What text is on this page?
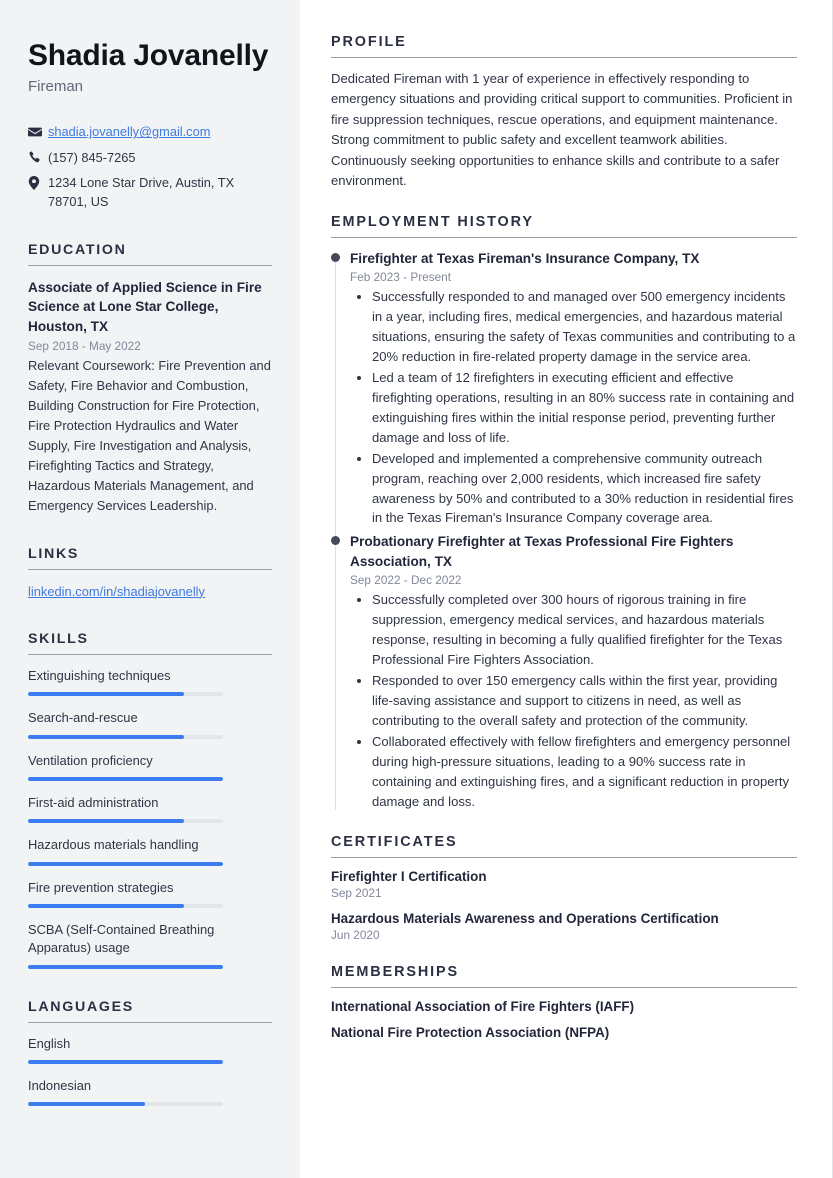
Shadia Jovanelly
Fireman
shadia.jovanelly@gmail.com
(157) 845-7265
1234 Lone Star Drive, Austin, TX 78701, US
EDUCATION
Associate of Applied Science in Fire Science at Lone Star College, Houston, TX
Sep 2018 - May 2022
Relevant Coursework: Fire Prevention and Safety, Fire Behavior and Combustion, Building Construction for Fire Protection, Fire Protection Hydraulics and Water Supply, Fire Investigation and Analysis, Firefighting Tactics and Strategy, Hazardous Materials Management, and Emergency Services Leadership.
LINKS
linkedin.com/in/shadiajovanelly
SKILLS
Extinguishing techniques
Search-and-rescue
Ventilation proficiency
First-aid administration
Hazardous materials handling
Fire prevention strategies
SCBA (Self-Contained Breathing Apparatus) usage
LANGUAGES
English
Indonesian
PROFILE
Dedicated Fireman with 1 year of experience in effectively responding to emergency situations and providing critical support to communities. Proficient in fire suppression techniques, rescue operations, and equipment maintenance. Strong commitment to public safety and excellent teamwork abilities. Continuously seeking opportunities to enhance skills and contribute to a safer environment.
EMPLOYMENT HISTORY
Firefighter at Texas Fireman's Insurance Company, TX
Feb 2023 - Present
• Successfully responded to and managed over 500 emergency incidents in a year, including fires, medical emergencies, and hazardous material situations, ensuring the safety of Texas communities and contributing to a 20% reduction in fire-related property damage in the service area.
• Led a team of 12 firefighters in executing efficient and effective firefighting operations, resulting in an 80% success rate in containing and extinguishing fires within the initial response period, preventing further damage and loss of life.
• Developed and implemented a comprehensive community outreach program, reaching over 2,000 residents, which increased fire safety awareness by 50% and contributed to a 30% reduction in residential fires in the Texas Fireman's Insurance Company coverage area.
Probationary Firefighter at Texas Professional Fire Fighters Association, TX
Sep 2022 - Dec 2022
• Successfully completed over 300 hours of rigorous training in fire suppression, emergency medical services, and hazardous materials response, resulting in becoming a fully qualified firefighter for the Texas Professional Fire Fighters Association.
• Responded to over 150 emergency calls within the first year, providing life-saving assistance and support to citizens in need, as well as contributing to the overall safety and protection of the community.
• Collaborated effectively with fellow firefighters and emergency personnel during high-pressure situations, leading to a 90% success rate in containing and extinguishing fires, and a significant reduction in property damage and loss.
CERTIFICATES
Firefighter I Certification
Sep 2021
Hazardous Materials Awareness and Operations Certification
Jun 2020
MEMBERSHIPS
International Association of Fire Fighters (IAFF)
National Fire Protection Association (NFPA)
